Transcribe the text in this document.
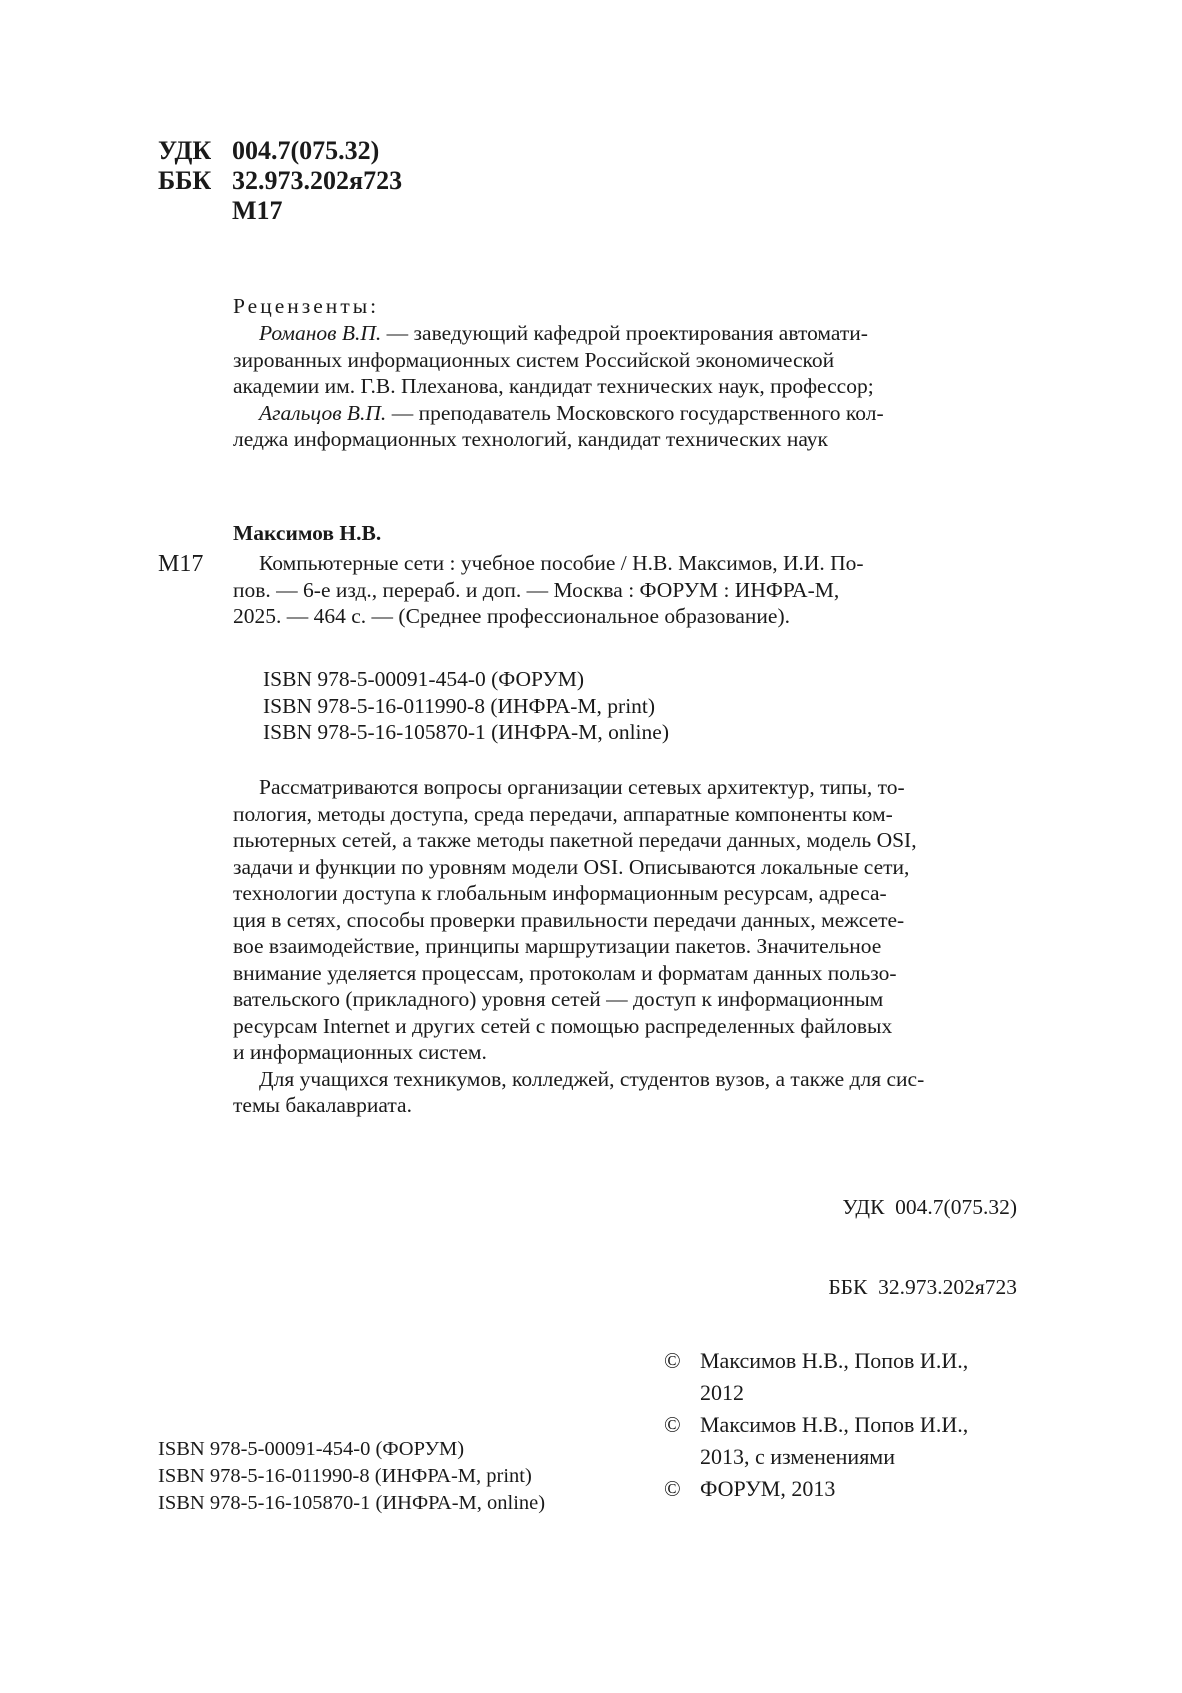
УДК 004.7(075.32)
ББК 32.973.202я723
М17
Рецензенты:

Романов В.П. — заведующий кафедрой проектирования автомати-

зированных информационных систем Российской экономической

академии им. Г.В. Плеханова, кандидат технических наук, профессор;

Агальцов В.П. — преподаватель Московского государственного кол-

леджа информационных технологий, кандидат технических наук

Максимов Н.В.
М17	Компьютерные сети : учебное пособие / Н.В. Максимов, И.И. По-

пов. — 6-е изд., перераб. и доп. — Москва : ФОРУМ : ИНФРА-М,

2025. — 464 с. — (Среднее профессиональное образование).

ISBN 978-5-00091-454-0 (ФОРУМ)
ISBN 978-5-16-011990-8 (ИНФРА-М, print)
ISBN 978-5-16-105870-1 (ИНФРА-М, online)

Рассматриваются вопросы организации сетевых архитектур, типы, то-

пология, методы доступа, среда передачи, аппаратные компоненты ком-

пьютерных сетей, а также методы пакетной передачи данных, модель OSI,

задачи и функции по уровням модели OSI. Описываются локальные сети,

технологии доступа к глобальным информационным ресурсам, адреса-

ция в сетях, способы проверки правильности передачи данных, межсете-

вое взаимодействие, принципы маршрутизации пакетов. Значительное

внимание уделяется процессам, протоколам и форматам данных пользо-

вательского (прикладного) уровня сетей — доступ к информационным

ресурсам Internet и других сетей с помощью распределенных файловых

и информационных систем.

Для учащихся техникумов, колледжей, студентов вузов, а также для сис-

темы бакалавриата.

УДК  004.7(075.32)

ББК  32.973.202я723

ISBN 978-5-00091-454-0 (ФОРУМ)
ISBN 978-5-16-011990-8 (ИНФРА-М, print)
ISBN 978-5-16-105870-1 (ИНФРА-М, online)
© Максимов Н.В., Попов И.И.,
2012
© Максимов Н.В., Попов И.И.,
2013, с изменениями
© ФОРУМ, 2013
